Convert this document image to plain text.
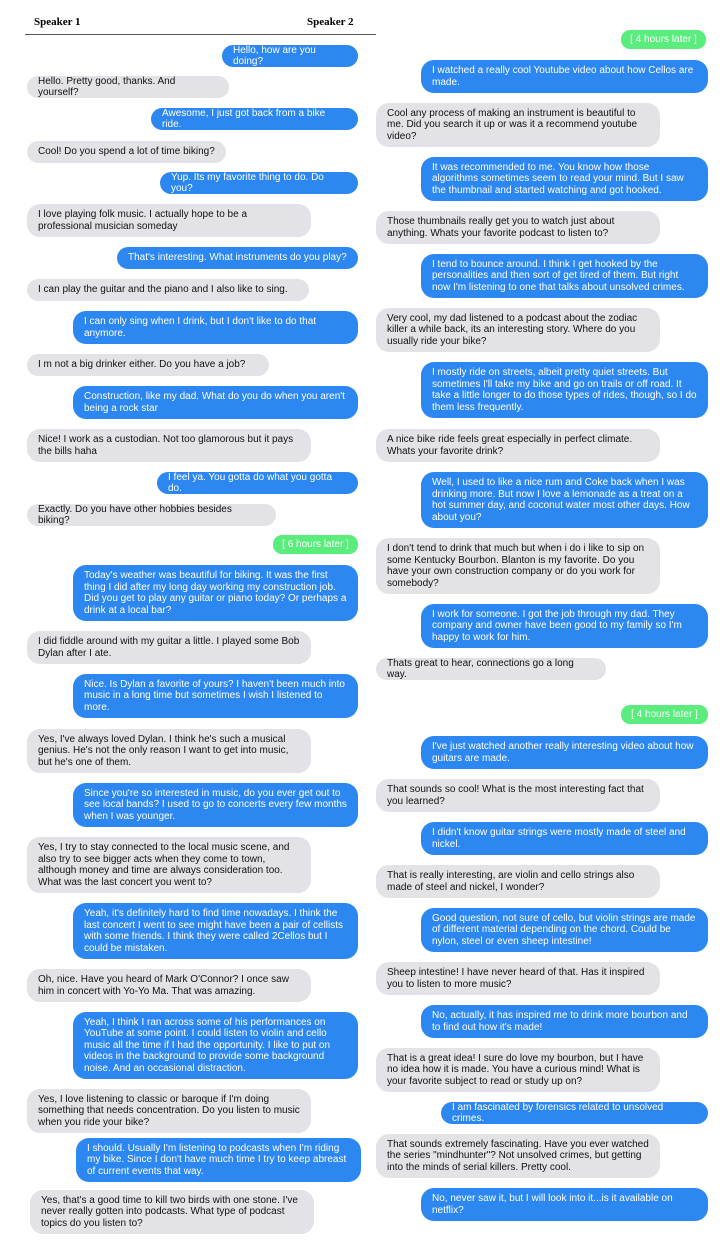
Speaker 1	Speaker 2
Hello, how are you doing?
Hello. Pretty good, thanks. And yourself?
Awesome, I just got back from a bike ride.
Cool! Do you spend a lot of time biking?
Yup. Its my favorite thing to do. Do you?
I love playing folk music. I actually hope to be a professional musician someday
That's interesting. What instruments do you play?
I can play the guitar and the piano and I also like to sing.
I can only sing when I drink, but I don't like to do that anymore.
I m not a big drinker either. Do you have a job?
Construction, like my dad. What do you do when you aren't being a rock star
Nice! I work as a custodian. Not too glamorous but it pays the bills haha
I feel ya. You gotta do what you gotta do.
Exactly. Do you have other hobbies besides biking?
[ 6 hours later ]
Today's weather was beautiful for biking. It was the first thing I did after my long day working my construction job. Did you get to play any guitar or piano today? Or perhaps a drink at a local bar?
I did fiddle around with my guitar a little. I played some Bob Dylan after I ate.
Nice. Is Dylan a favorite of yours? I haven't been much into music in a long time but sometimes I wish I listened to more.
Yes, I've always loved Dylan. I think he's such a musical genius. He's not the only reason I want to get into music, but he's one of them.
Since you're so interested in music, do you ever get out to see local bands? I used to go to concerts every few months when I was younger.
Yes, I try to stay connected to the local music scene, and also try to see bigger acts when they come to town, although money and time are always consideration too. What was the last concert you went to?
Yeah, it's definitely hard to find time nowadays. I think the last concert I went to see might have been a pair of cellists with some friends. I think they were called 2Cellos but I could be mistaken.
Oh, nice. Have you heard of Mark O'Connor? I once saw him in concert with Yo-Yo Ma. That was amazing.
Yeah, I think I ran across some of his performances on YouTube at some point. I could listen to violin and cello music all the time if I had the opportunity. I like to put on videos in the background to provide some background noise. And an occasional distraction.
Yes, I love listening to classic or baroque if I'm doing something that needs concentration. Do you listen to music when you ride your bike?
I should. Usually I'm listening to podcasts when I'm riding my bike. Since I don't have much time I try to keep abreast of current events that way.
Yes, that's a good time to kill two birds with one stone. I've never really gotten into podcasts. What type of podcast topics do you listen to?
[ 4 hours later ]
I watched a really cool Youtube video about how Cellos are made.
Cool any process of making an instrument is beautiful to me. Did you search it up or was it a recommend youtube video?
It was recommended to me. You know how those algorithms sometimes seem to read your mind. But I saw the thumbnail and started watching and got hooked.
Those thumbnails really get you to watch just about anything. Whats your favorite podcast to listen to?
I tend to bounce around. I think I get hooked by the personalities and then sort of get tired of them. But right now I'm listening to one that talks about unsolved crimes.
Very cool, my dad listened to a podcast about the zodiac killer a while back, its an interesting story. Where do you usually ride your bike?
I mostly ride on streets, albeit pretty quiet streets. But sometimes I'll take my bike and go on trails or off road. It take a little longer to do those types of rides, though, so I do them less frequently.
A nice bike ride feels great especially in perfect climate. Whats your favorite drink?
Well, I used to like a nice rum and Coke back when I was drinking more. But now I love a lemonade as a treat on a hot summer day, and coconut water most other days. How about you?
I don't tend to drink that much but when i do i like to sip on some Kentucky Bourbon. Blanton is my favorite. Do you have your own construction company or do you work for somebody?
I work for someone. I got the job through my dad. They company and owner have been good to my family so I'm happy to work for him.
Thats great to hear, connections go a long way.
[ 4 hours later ]
I've just watched another really interesting video about how guitars are made.
That sounds so cool! What is the most interesting fact that you learned?
I didn't know guitar strings were mostly made of steel and nickel.
That is really interesting, are violin and cello strings also made of steel and nickel, I wonder?
Good question, not sure of cello, but violin strings are made of different material depending on the chord. Could be nylon, steel or even sheep intestine!
Sheep intestine! I have never heard of that. Has it inspired you to listen to more music?
No, actually, it has inspired me to drink more bourbon and to find out how it's made!
That is a great idea! I sure do love my bourbon, but I have no idea how it is made. You have a curious mind! What is your favorite subject to read or study up on?
I am fascinated by forensics related to unsolved crimes.
That sounds extremely fascinating. Have you ever watched the series "mindhunter"? Not unsolved crimes, but getting into the minds of serial killers. Pretty cool.
No, never saw it, but I will look into it...is it available on netflix?
